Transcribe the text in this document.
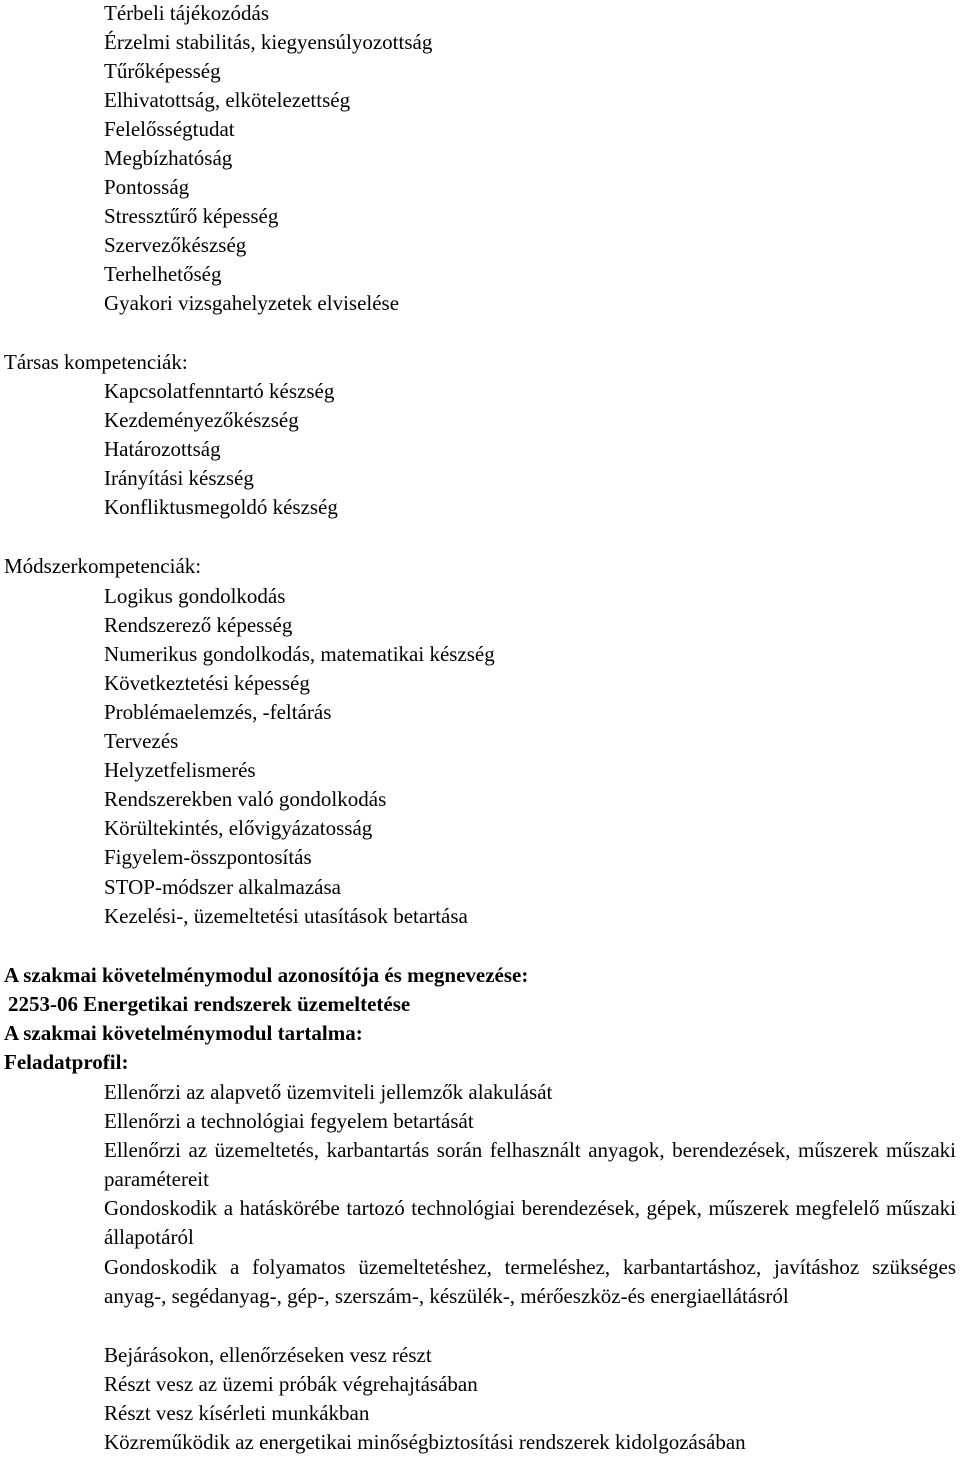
Térbeli tájékozódás
Érzelmi stabilitás, kiegyensúlyozottság
Tűrőképesség
Elhivatottság, elkötelezettség
Felelősségtudat
Megbízhatóság
Pontosság
Stressztűrő képesség
Szervezőkészség
Terhelhetőség
Gyakori vizsgahelyzetek elviselése
Társas kompetenciák:
Kapcsolatfenntartó készség
Kezdeményezőkészség
Határozottság
Irányítási készség
Konfliktusmegoldó készség
Módszerkompetenciák:
Logikus gondolkodás
Rendszerező képesség
Numerikus gondolkodás, matematikai készség
Következtetési képesség
Problémaelemzés, -feltárás
Tervezés
Helyzetfelismerés
Rendszerekben való gondolkodás
Körültekintés, elővigyázatosság
Figyelem-összpontosítás
STOP-módszer alkalmazása
Kezelési-, üzemeltetési utasítások betartása
A szakmai követelménymodul azonosítója és megnevezése:
2253-06 Energetikai rendszerek üzemeltetése
A szakmai követelménymodul tartalma:
Feladatprofil:
Ellenőrzi az alapvető üzemviteli jellemzők alakulását
Ellenőrzi a technológiai fegyelem betartását
Ellenőrzi az üzemeltetés, karbantartás során felhasznált anyagok, berendezések, műszerek műszaki paramétereit
Gondoskodik a hatáskörébe tartozó technológiai berendezések, gépek, műszerek megfelelő műszaki állapotáról
Gondoskodik a folyamatos üzemeltetéshez, termeléshez, karbantartáshoz, javításhoz szükséges anyag-, segédanyag-, gép-, szerszám-, készülék-, mérőeszköz-és energiaellátásról
Bejárásokon, ellenőrzéseken vesz részt
Részt vesz az üzemi próbák végrehajtásában
Részt vesz kísérleti munkákban
Közreműködik az energetikai minőségbiztosítási rendszerek kidolgozásában
